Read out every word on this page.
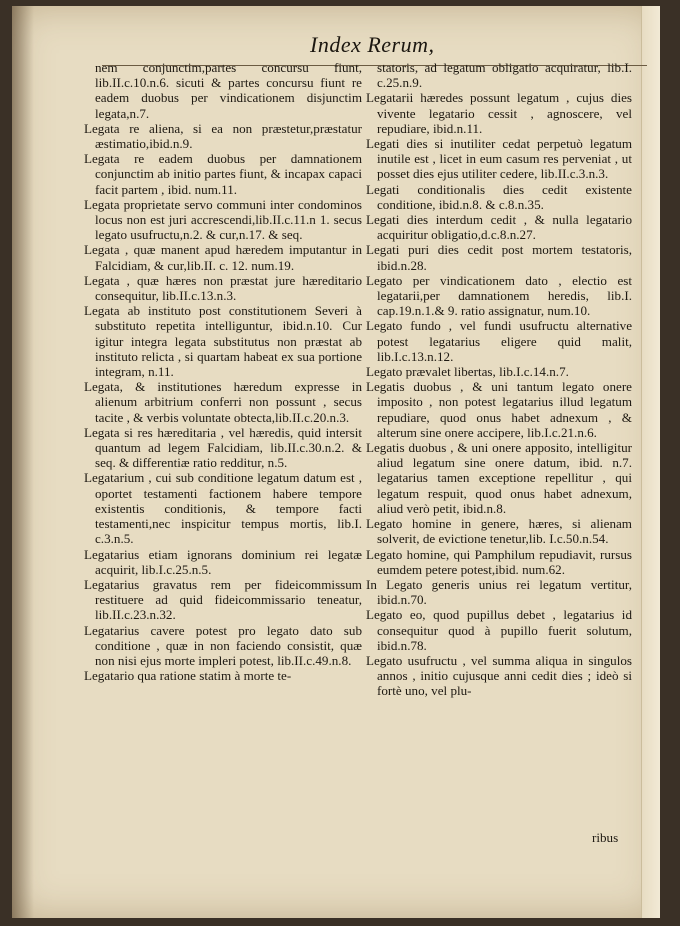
Index Rerum,
nem conjunctim,partes concursu fiunt, lib.II.c.10.n.6. sicuti & partes concursu fiunt re eadem duobus per vindicationem disjunctim legata,n.7.
Legata re aliena, si ea non præstetur,præstatur æstimatio,ibid.n.9.
Legata re eadem duobus per damnationem conjunctim ab initio partes fiunt, & incapax capaci facit partem , ibid. num.11.
Legata proprietate servo communi inter condominos locus non est juri accrescendi,lib.II.c.11.n 1. secus legato usufructu,n.2. & cur,n.17. & seq.
Legata , quæ manent apud hæredem imputantur in Falcidiam, & cur,lib.II. c. 12. num.19.
Legata , quæ hæres non præstat jure hæreditario consequitur, lib.II.c.13.n.3.
Legata ab instituto post constitutionem Severi à substituto repetita intelliguntur, ibid.n.10. Cur igitur integra legata substitutus non præstat ab instituto relicta , si quartam habeat ex sua portione integram, n.11.
Legata, & institutiones hæredum expresse in alienum arbitrium conferri non possunt , secus tacite , & verbis voluntate obtecta,lib.II.c.20.n.3.
Legata si res hæreditaria , vel hæredis, quid intersit quantum ad legem Falcidiam, lib.II.c.30.n.2. & seq. & differentiæ ratio redditur, n.5.
Legatarium , cui sub conditione legatum datum est , oportet testamenti factionem habere tempore existentis conditionis, & tempore facti testamenti,nec inspicitur tempus mortis, lib.I. c.3.n.5.
Legatarius etiam ignorans dominium rei legatæ acquirit, lib.I.c.25.n.5.
Legatarius gravatus rem per fideicommissum restituere ad quid fideicommissario teneatur, lib.II.c.23.n.32.
Legatarius cavere potest pro legato dato sub conditione , quæ in non faciendo consistit, quæ non nisi ejus morte impleri potest, lib.II.c.49.n.8.
Legatario qua ratione statim à morte te-
statoris, ad legatum obligatio acquiratur, lib.I. c.25.n.9.
Legatarii hæredes possunt legatum , cujus dies vivente legatario cessit , agnoscere, vel repudiare, ibid.n.11.
Legati dies si inutiliter cedat perpetuò legatum inutile est , licet in eum casum res perveniat , ut posset dies ejus utiliter cedere, lib.II.c.3.n.3.
Legati conditionalis dies cedit existente conditione, ibid.n.8. & c.8.n.35.
Legati dies interdum cedit , & nulla legatario acquiritur obligatio,d.c.8.n.27.
Legati puri dies cedit post mortem testatoris, ibid.n.28.
Legato per vindicationem dato , electio est legatarii,per damnationem heredis, lib.I. cap.19.n.1.& 9. ratio assignatur, num.10.
Legato fundo , vel fundi usufructu alternative potest legatarius eligere quid malit, lib.I.c.13.n.12.
Legato prævalet libertas, lib.I.c.14.n.7.
Legatis duobus , & uni tantum legato onere imposito , non potest legatarius illud legatum repudiare, quod onus habet adnexum , & alterum sine onere accipere, lib.I.c.21.n.6.
Legatis duobus , & uni onere apposito, intelligitur aliud legatum sine onere datum, ibid. n.7. legatarius tamen exceptione repellitur , qui legatum respuit, quod onus habet adnexum, aliud verò petit, ibid.n.8.
Legato homine in genere, hæres, si alienam solverit, de evictione tenetur,lib. I.c.50.n.54.
Legato homine, qui Pamphilum repudiavit, rursus eumdem petere potest,ibid. num.62.
In Legato generis unius rei legatum vertitur, ibid.n.70.
Legato eo, quod pupillus debet , legatarius id consequitur quod à pupillo fuerit solutum, ibid.n.78.
Legato usufructu , vel summa aliqua in singulos annos , initio cujusque anni cedit dies ; ideò si fortè uno, vel plu-
ribus
